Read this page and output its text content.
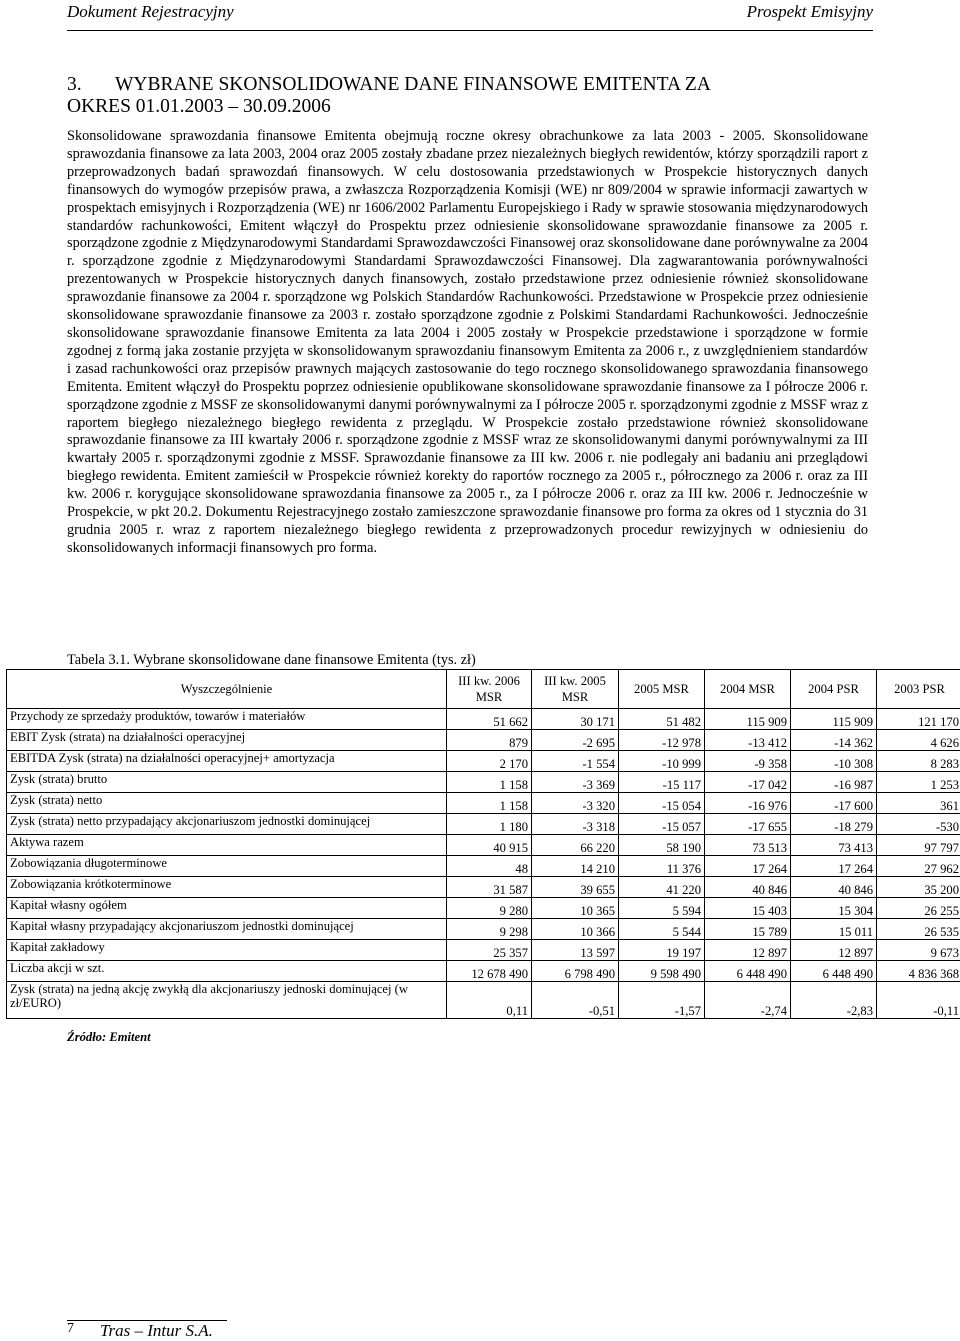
Dokument Rejestracyjny	Prospekt Emisyjny
3. WYBRANE SKONSOLIDOWANE DANE FINANSOWE EMITENTA ZA
OKRES 01.01.2003 – 30.09.2006

Skonsolidowane sprawozdania finansowe Emitenta obejmują roczne okresy obrachunkowe za lata 2003 - 2005. Skonsolidowane sprawozdania finansowe za lata 2003, 2004 oraz 2005 zostały zbadane przez niezależnych biegłych rewidentów, którzy sporządzili raport z przeprowadzonych badań sprawozdań finansowych. W celu dostosowania przedstawionych w Prospekcie historycznych danych finansowych do wymogów przepisów prawa, a zwłaszcza Rozporządzenia Komisji (WE) nr 809/2004 w sprawie informacji zawartych w prospektach emisyjnych i Rozporządzenia (WE) nr 1606/2002 Parlamentu Europejskiego i Rady w sprawie stosowania międzynarodowych standardów rachunkowości, Emitent włączył do Prospektu przez odniesienie skonsolidowane sprawozdanie finansowe za 2005 r. sporządzone zgodnie z Międzynarodowymi Standardami Sprawozdawczości Finansowej oraz skonsolidowane dane porównywalne za 2004 r. sporządzone zgodnie z Międzynarodowymi Standardami Sprawozdawczości Finansowej. Dla zagwarantowania porównywalności prezentowanych w Prospekcie historycznych danych finansowych, zostało przedstawione przez odniesienie również skonsolidowane sprawozdanie finansowe za 2004 r. sporządzone wg Polskich Standardów Rachunkowości. Przedstawione w Prospekcie przez odniesienie skonsolidowane sprawozdanie finansowe za 2003 r. zostało sporządzone zgodnie z Polskimi Standardami Rachunkowości. Jednocześnie skonsolidowane sprawozdanie finansowe Emitenta za lata 2004 i 2005 zostały w Prospekcie przedstawione i sporządzone w formie zgodnej z formą jaka zostanie przyjęta w skonsolidowanym sprawozdaniu finansowym Emitenta za 2006 r., z uwzględnieniem standardów i zasad rachunkowości oraz przepisów prawnych mających zastosowanie do tego rocznego skonsolidowanego sprawozdania finansowego Emitenta. Emitent włączył do Prospektu poprzez odniesienie opublikowane skonsolidowane sprawozdanie finansowe za I półrocze 2006 r. sporządzone zgodnie z MSSF ze skonsolidowanymi danymi porównywalnymi za I półrocze 2005 r. sporządzonymi zgodnie z MSSF wraz z raportem biegłego niezależnego biegłego rewidenta z przeglądu. W Prospekcie zostało przedstawione również skonsolidowane sprawozdanie finansowe za III kwartały 2006 r. sporządzone zgodnie z MSSF wraz ze skonsolidowanymi danymi porównywalnymi za III kwartały 2005 r. sporządzonymi zgodnie z MSSF. Sprawozdanie finansowe za III kw. 2006 r. nie podlegały ani badaniu ani przeglądowi biegłego rewidenta. Emitent zamieścił w Prospekcie również korekty do raportów rocznego za 2005 r., półrocznego za 2006 r. oraz za III kw. 2006 r. korygujące skonsolidowane sprawozdania finansowe za 2005 r., za I półrocze 2006 r. oraz za III kw. 2006 r. Jednocześnie w Prospekcie, w pkt 20.2. Dokumentu Rejestracyjnego zostało zamieszczone sprawozdanie finansowe pro forma za okres od 1 stycznia do 31 grudnia 2005 r. wraz z raportem niezależnego biegłego rewidenta z przeprowadzonych procedur rewizyjnych w odniesieniu do skonsolidowanych informacji finansowych pro forma.

Tabela 3.1. Wybrane skonsolidowane dane finansowe Emitenta (tys. zł)
Wyszczególnienie	III kw. 2006 MSR	III kw. 2005 MSR	2005 MSR	2004 MSR	2004 PSR	2003 PSR
Przychody ze sprzedaży produktów, towarów i materiałów	51 662	30 171	51 482	115 909	115 909	121 170
EBIT Zysk (strata) na działalności operacyjnej	879	-2 695	-12 978	-13 412	-14 362	4 626
EBITDA Zysk (strata) na działalności operacyjnej+ amortyzacja	2 170	-1 554	-10 999	-9 358	-10 308	8 283
Zysk (strata) brutto	1 158	-3 369	-15 117	-17 042	-16 987	1 253
Zysk (strata) netto	1 158	-3 320	-15 054	-16 976	-17 600	361
Zysk (strata) netto przypadający akcjonariuszom jednostki dominującej	1 180	-3 318	-15 057	-17 655	-18 279	-530
Aktywa razem	40 915	66 220	58 190	73 513	73 413	97 797
Zobowiązania długoterminowe	48	14 210	11 376	17 264	17 264	27 962
Zobowiązania krótkoterminowe	31 587	39 655	41 220	40 846	40 846	35 200
Kapitał własny ogółem	9 280	10 365	5 594	15 403	15 304	26 255
Kapitał własny przypadający akcjonariuszom jednostki dominującej	9 298	10 366	5 544	15 789	15 011	26 535
Kapitał zakładowy	25 357	13 597	19 197	12 897	12 897	9 673
Liczba akcji w szt.	12 678 490	6 798 490	9 598 490	6 448 490	6 448 490	4 836 368
Zysk (strata) na jedną akcję zwykłą dla akcjonariuszy jednoski dominującej (w zł/EURO)	0,11	-0,51	-1,57	-2,74	-2,83	-0,11
Źródło: Emitent
7 Tras – Intur S.A.
